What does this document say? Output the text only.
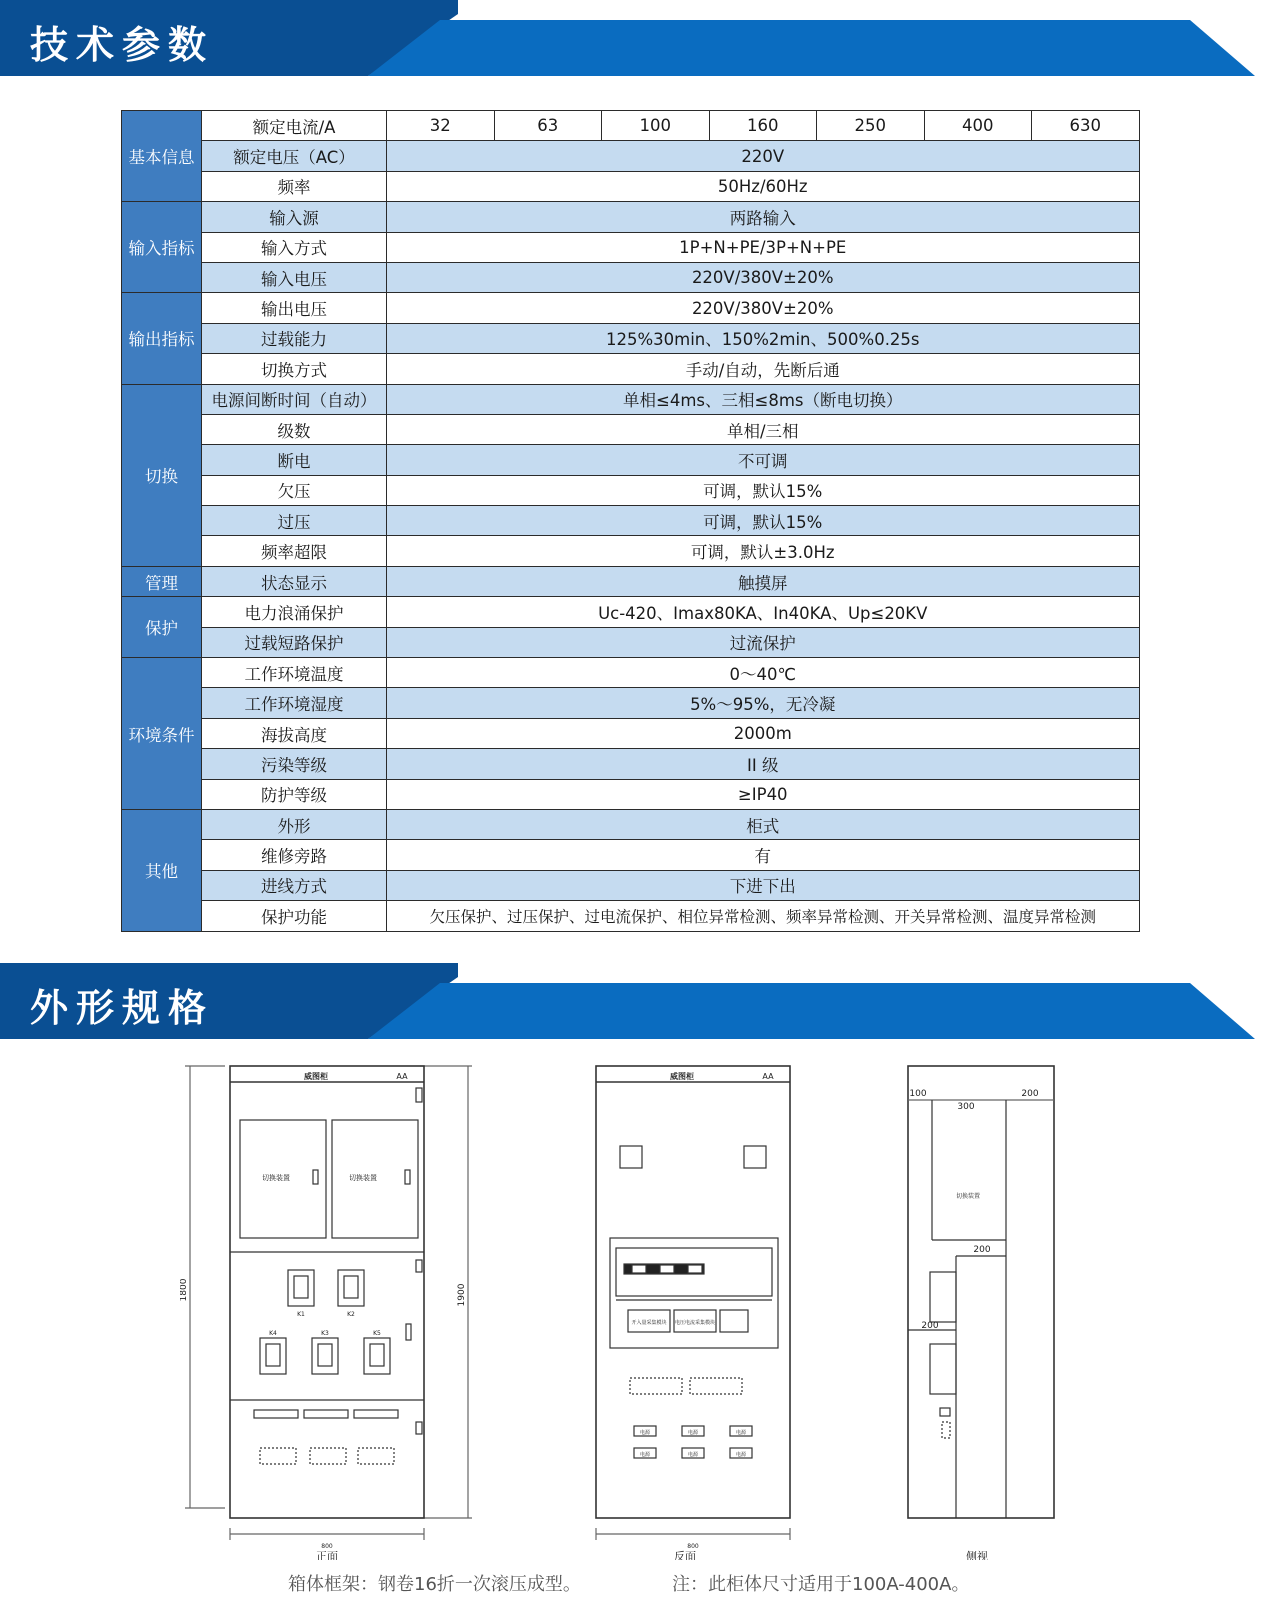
技术参数
基本信息	额定电流/A	32	63	100	160	250	400	630
	额定电压（AC）	220V						
	频率	50Hz/60Hz						
输入指标	输入源	两路输入						
	输入方式	1P+N+PE/3P+N+PE						
	输入电压	220V/380V±20%						
输出指标	输出电压	220V/380V±20%						
	过载能力	125%30min、150%2min、500%0.25s						
	切换方式	手动/自动，先断后通						
切换	电源间断时间（自动）	单相≤4ms、三相≤8ms（断电切换）						
	级数	单相/三相						
	断电	不可调						
	欠压	可调，默认15%						
	过压	可调，默认15%						
	频率超限	可调，默认±3.0Hz						
管理	状态显示	触摸屏						
保护	电力浪涌保护	Uc-420、Imax80KA、In40KA、Up≤20KV						
	过载短路保护	过流保护						
环境条件	工作环境温度	0～40℃						
	工作环境湿度	5%～95%，无冷凝						
	海拔高度	2000m						
	污染等级	II 级						
	防护等级	≥IP40						
其他	外形	柜式						
	维修旁路	有						
	进线方式	下进下出						
	保护功能	欠压保护、过压保护、过电流保护、相位异常检测、频率异常检测、开关异常检测、温度异常检测						
外形规格
威图柜	AA
切换装置	切换装置
K1	K2
K4	K3	K5
800
1800	1900
正面
威图柜	AA
开入量采集模块 电压电流采集模块
电源	电源	电源
电源	电源	电源
800
反面
100
300
200
切换装置
200
200
侧视
箱体框架：钢卷16折一次滚压成型。	注：此柜体尺寸适用于100A-400A。
